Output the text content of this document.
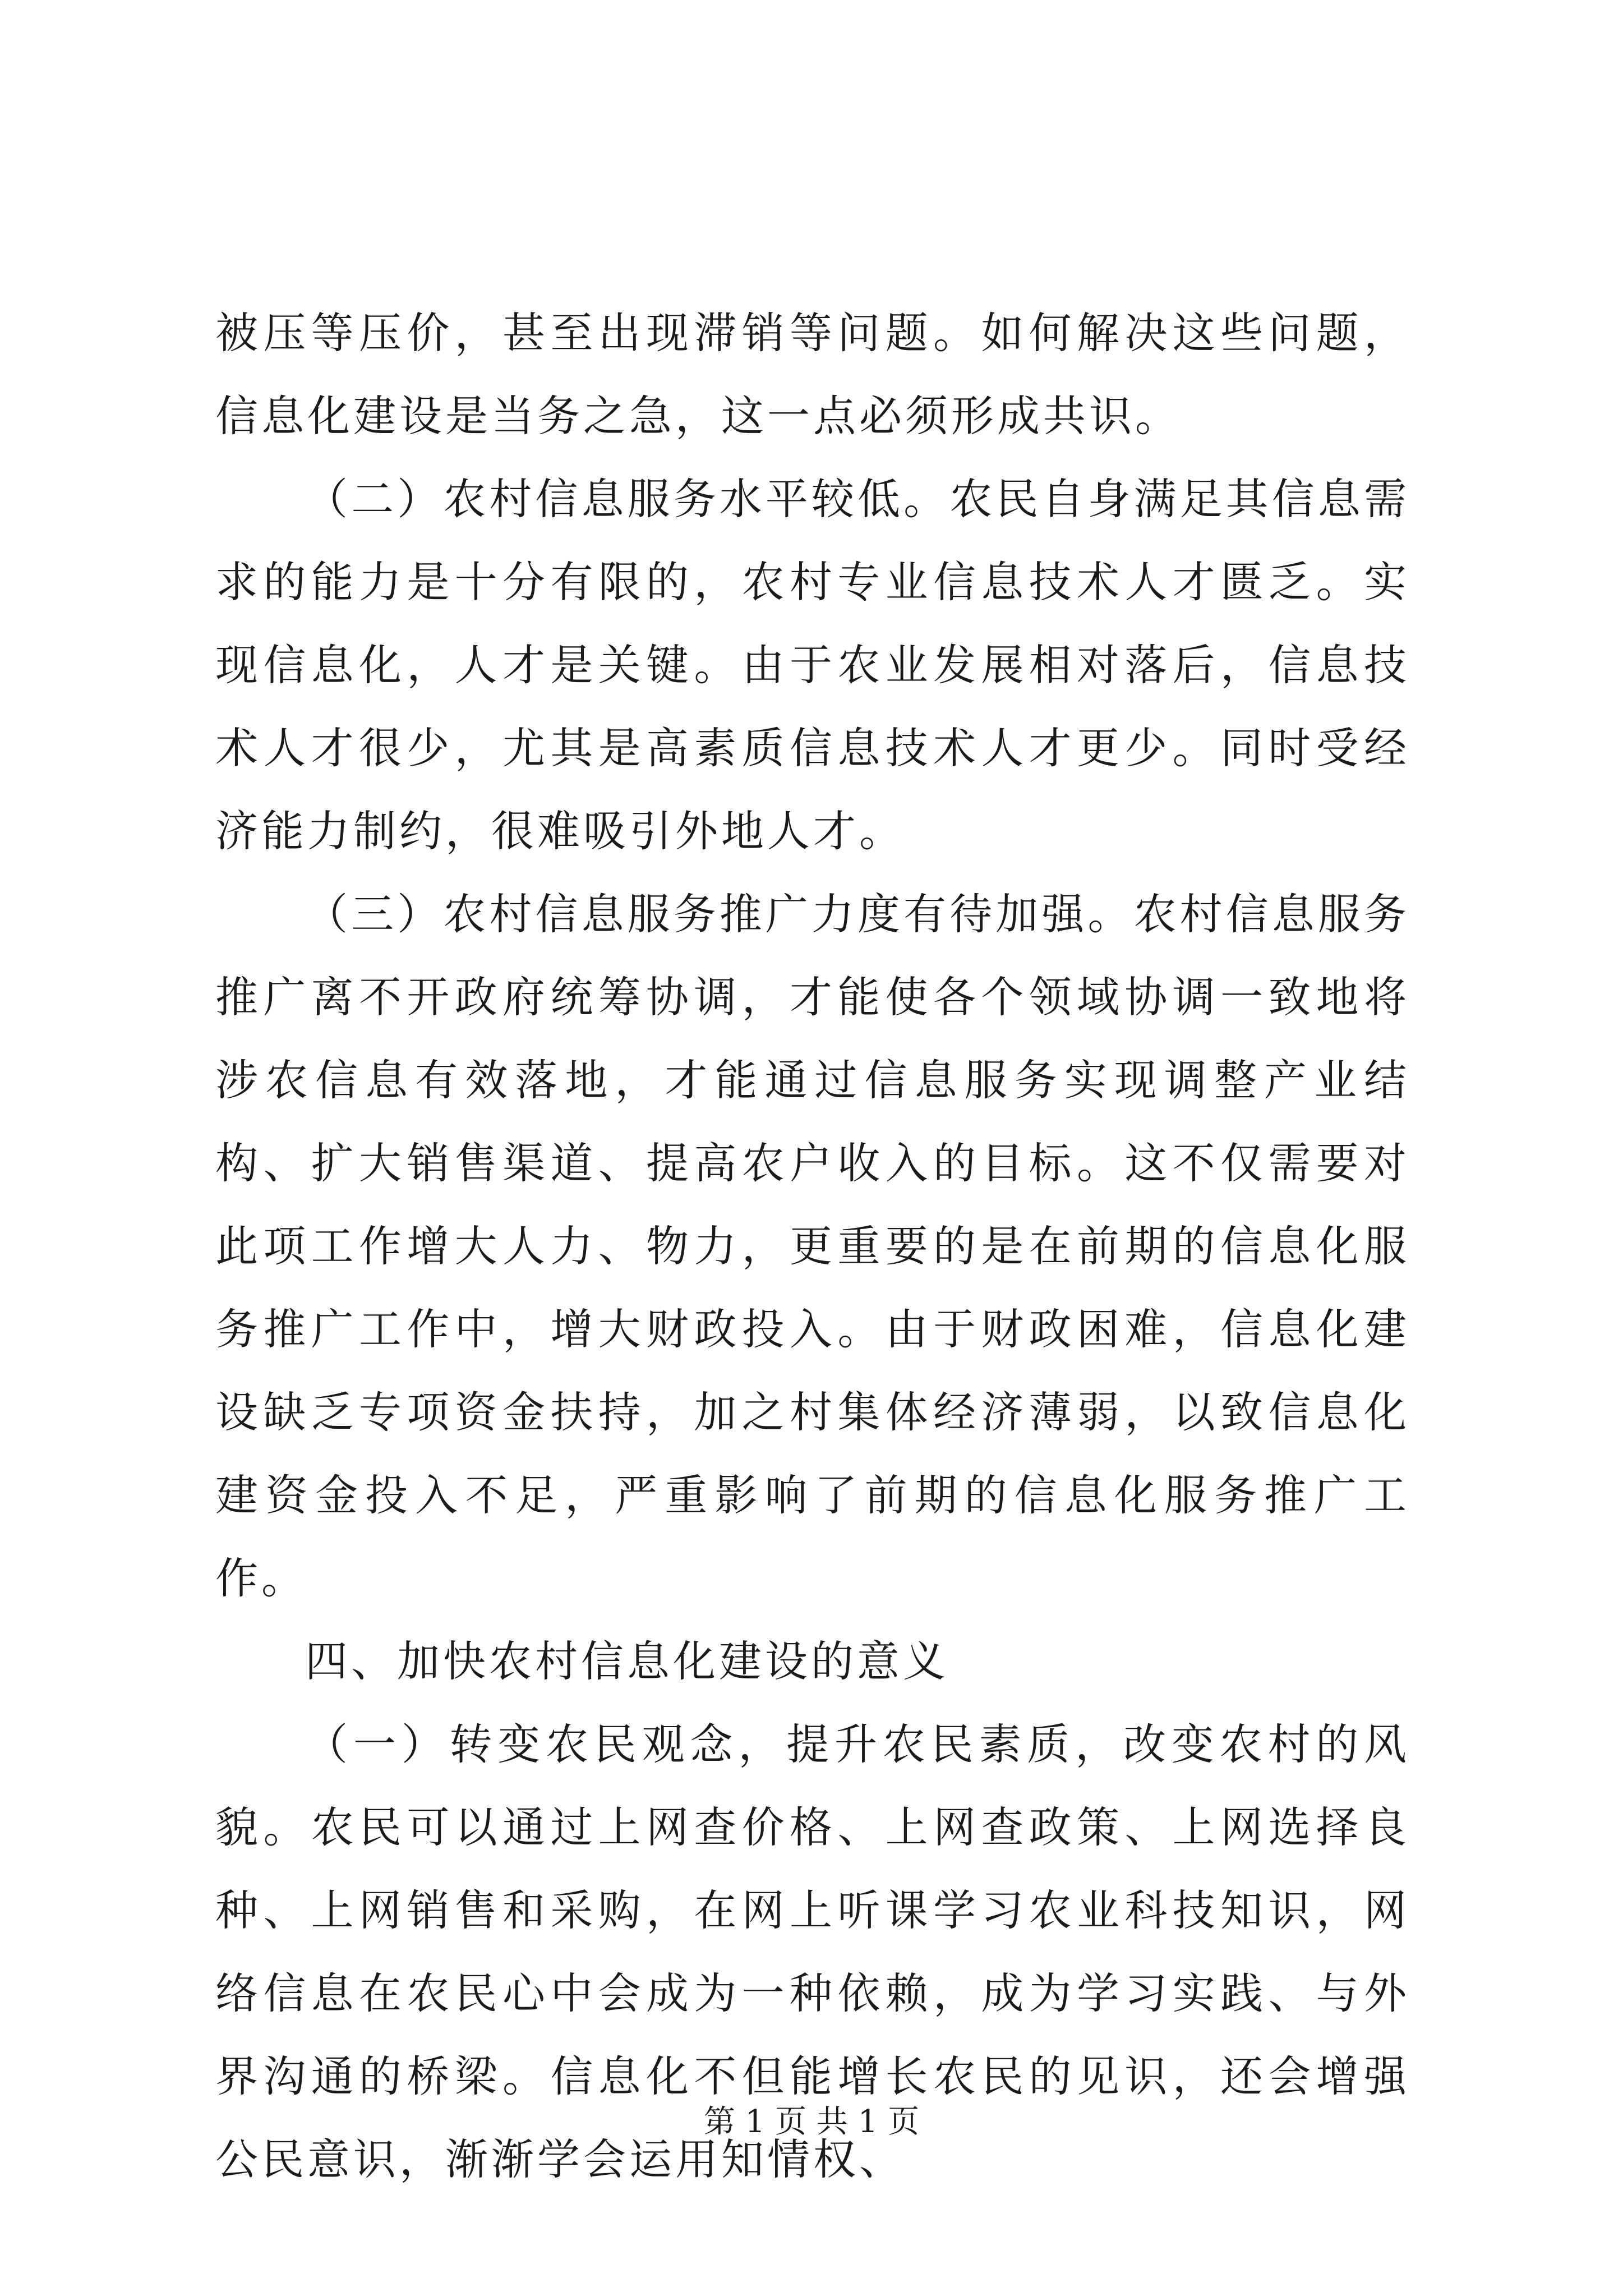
被压等压价，甚至出现滞销等问题。如何解决这些问题，信息化建设是当务之急，这一点必须形成共识。

（二）农村信息服务水平较低。农民自身满足其信息需求的能力是十分有限的，农村专业信息技术人才匮乏。实现信息化，人才是关键。由于农业发展相对落后，信息技术人才很少，尤其是高素质信息技术人才更少。同时受经济能力制约，很难吸引外地人才。

（三）农村信息服务推广力度有待加强。农村信息服务推广离不开政府统筹协调，才能使各个领域协调一致地将涉农信息有效落地，才能通过信息服务实现调整产业结构、扩大销售渠道、提高农户收入的目标。这不仅需要对此项工作增大人力、物力，更重要的是在前期的信息化服务推广工作中，增大财政投入。由于财政困难，信息化建设缺乏专项资金扶持，加之村集体经济薄弱，以致信息化建资金投入不足，严重影响了前期的信息化服务推广工作。

四、加快农村信息化建设的意义

（一）转变农民观念，提升农民素质，改变农村的风貌。农民可以通过上网查价格、上网查政策、上网选择良种、上网销售和采购，在网上听课学习农业科技知识，网络信息在农民心中会成为一种依赖，成为学习实践、与外界沟通的桥梁。信息化不但能增长农民的见识，还会增强公民意识，渐渐学会运用知情权、

第 1 页 共 1 页
